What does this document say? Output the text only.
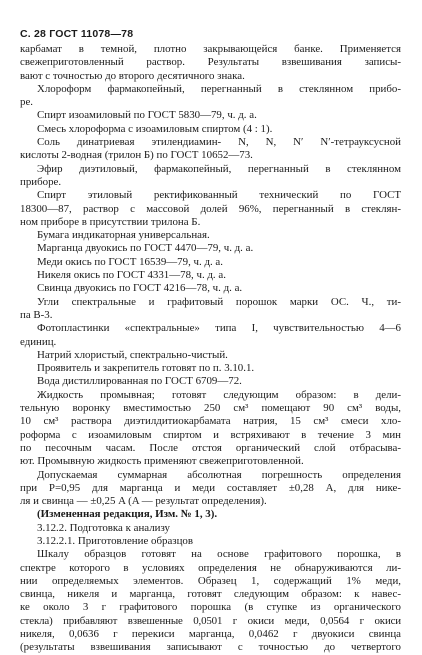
С. 28 ГОСТ 11078—78
карбамат в темной, плотно закрывающейся банке. Применяется
свежеприготовленный раствор. Результаты взвешивания записы-
вают с точностью до второго десятичного знака.
Хлороформ фармакопейный, перегнанный в стеклянном прибо-
ре.
Спирт изоамиловый по ГОСТ 5830—79, ч. д. а.
Смесь хлороформа с изоамиловым спиртом (4 : 1).
Соль динатриевая этилендиамин- N, N, N′ N′-тетрауксусной
кислоты 2-водная (трилон Б) по ГОСТ 10652—73.
Эфир диэтиловый, фармакопейный, перегнанный в стеклянном
приборе.
Спирт этиловый ректификованный технический по ГОСТ
18300—87, раствор с массовой долей 96%, перегнанный в стеклян-
ном приборе в присутствии трилона Б.
Бумага индикаторная универсальная.
Марганца двуокись по ГОСТ 4470—79, ч. д. а.
Меди окись по ГОСТ 16539—79, ч. д. а.
Никеля окись по ГОСТ 4331—78, ч. д. а.
Свинца двуокись по ГОСТ 4216—78, ч. д. а.
Угли спектральные и графитовый порошок марки ОС. Ч., ти-
па В-3.
Фотопластинки «спектральные» типа I, чувствительностью 4—6
единиц.
Натрий хлористый, спектрально-чистый.
Проявитель и закрепитель готовят по п. 3.10.1.
Вода дистиллированная по ГОСТ 6709—72.
Жидкость промывная; готовят следующим образом: в дели-
тельную воронку вместимостью 250 см³ помещают 90 см³ воды,
10 см³ раствора диэтилдитиокарбамата натрия, 15 см³ смеси хло-
роформа с изоамиловым спиртом и встряхивают в течение 3 мин
по песочным часам. После отстоя органический слой отбрасыва-
ют. Промывную жидкость применяют свежеприготовленной.
Допускаемая суммарная абсолютная погрешность определения
при P=0,95 для марганца и меди составляет ±0,28 A, для нике-
ля и свинца — ±0,25 A (A — результат определения).
(Измененная редакция, Изм. № 1, 3).
3.12.2. Подготовка к анализу
3.12.2.1. Приготовление образцов
Шкалу образцов готовят на основе графитового порошка, в
спектре которого в условиях определения не обнаруживаются ли-
нии определяемых элементов. Образец 1, содержащий 1% меди,
свинца, никеля и марганца, готовят следующим образом: к навес-
ке около 3 г графитового порошка (в ступке из органического
стекла) прибавляют взвешенные 0,0501 г окиси меди, 0,0564 г окиси
никеля, 0,0636 г перекиси марганца, 0,0462 г двуокиси свинца
(результаты взвешивания записывают с точностью до четвертого
